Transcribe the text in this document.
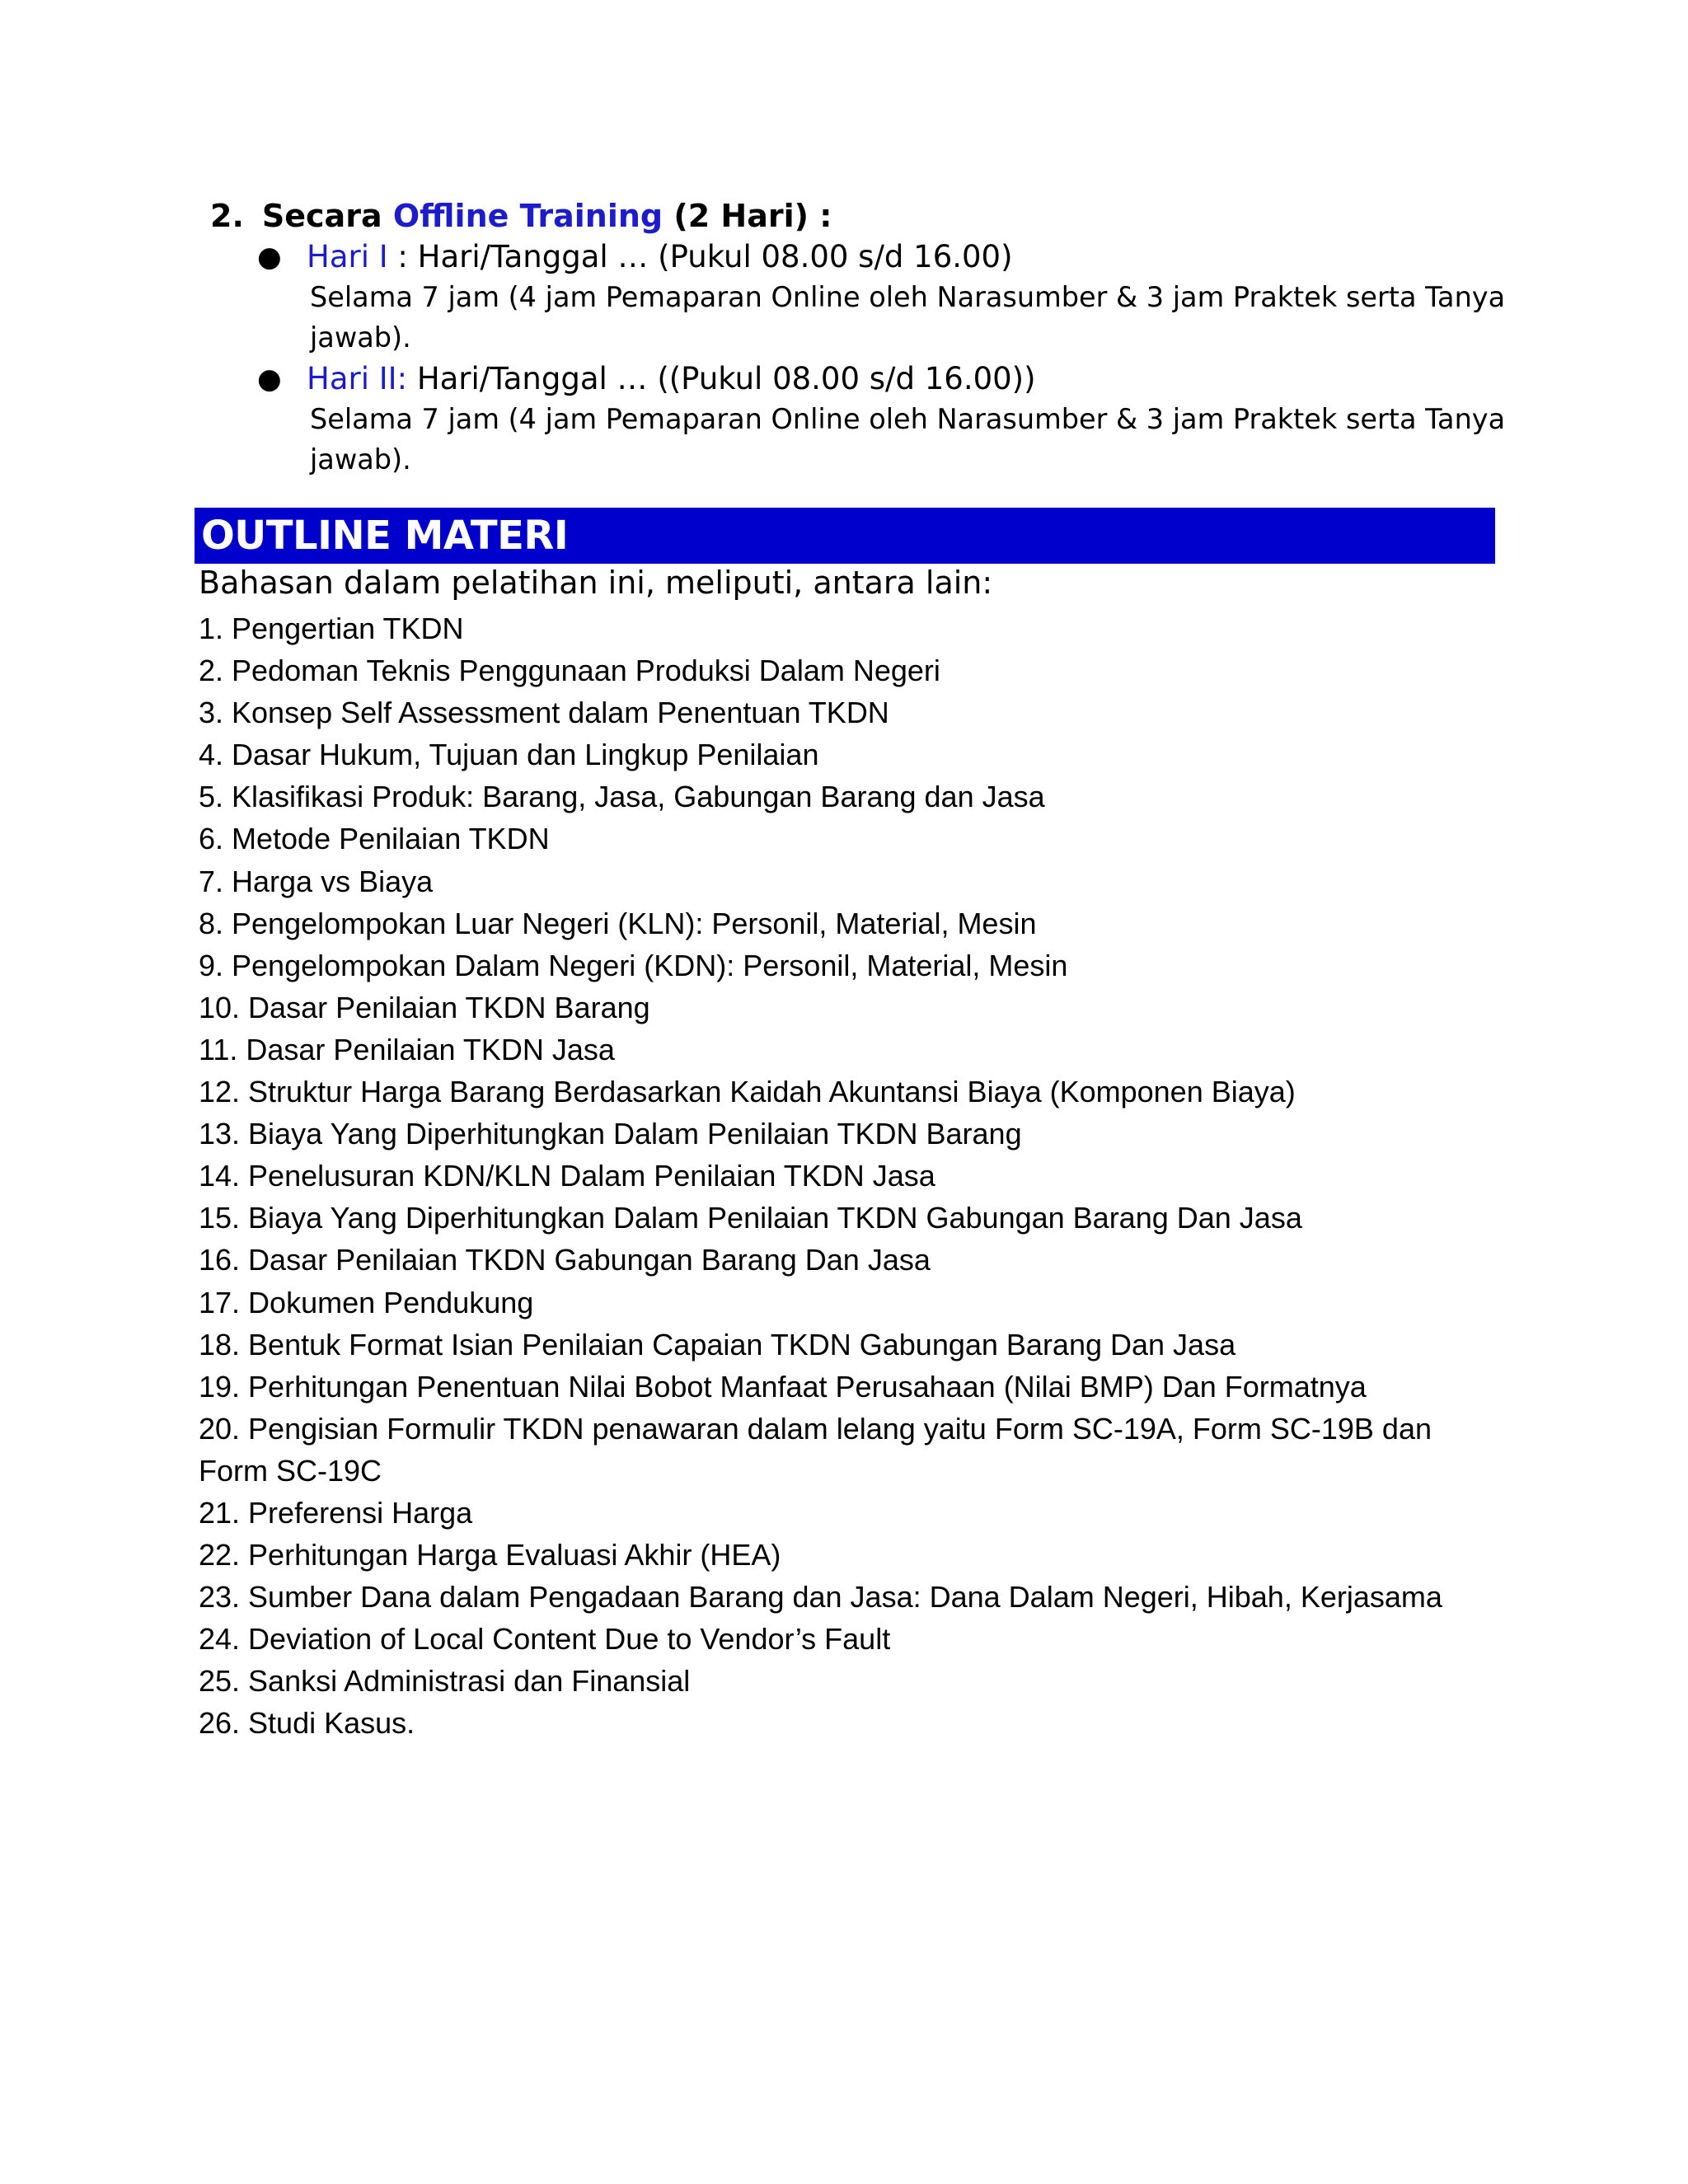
2. Secara Offline Training (2 Hari) :
● Hari I : Hari/Tanggal … (Pukul 08.00 s/d 16.00)
Selama 7 jam (4 jam Pemaparan Online oleh Narasumber & 3 jam Praktek serta Tanya jawab).
● Hari II: Hari/Tanggal … ((Pukul 08.00 s/d 16.00))
Selama 7 jam (4 jam Pemaparan Online oleh Narasumber & 3 jam Praktek serta Tanya jawab).
OUTLINE MATERI
Bahasan dalam pelatihan ini, meliputi, antara lain:
1. Pengertian TKDN
2. Pedoman Teknis Penggunaan Produksi Dalam Negeri
3. Konsep Self Assessment dalam Penentuan TKDN
4. Dasar Hukum, Tujuan dan Lingkup Penilaian
5. Klasifikasi Produk: Barang, Jasa, Gabungan Barang dan Jasa
6. Metode Penilaian TKDN
7. Harga vs Biaya
8. Pengelompokan Luar Negeri (KLN): Personil, Material, Mesin
9. Pengelompokan Dalam Negeri (KDN): Personil, Material, Mesin
10. Dasar Penilaian TKDN Barang
11. Dasar Penilaian TKDN Jasa
12. Struktur Harga Barang Berdasarkan Kaidah Akuntansi Biaya (Komponen Biaya)
13. Biaya Yang Diperhitungkan Dalam Penilaian TKDN Barang
14. Penelusuran KDN/KLN Dalam Penilaian TKDN Jasa
15. Biaya Yang Diperhitungkan Dalam Penilaian TKDN Gabungan Barang Dan Jasa
16. Dasar Penilaian TKDN Gabungan Barang Dan Jasa
17. Dokumen Pendukung
18. Bentuk Format Isian Penilaian Capaian TKDN Gabungan Barang Dan Jasa
19. Perhitungan Penentuan Nilai Bobot Manfaat Perusahaan (Nilai BMP) Dan Formatnya
20. Pengisian Formulir TKDN penawaran dalam lelang yaitu Form SC-19A, Form SC-19B dan
Form SC-19C
21. Preferensi Harga
22. Perhitungan Harga Evaluasi Akhir (HEA)
23. Sumber Dana dalam Pengadaan Barang dan Jasa: Dana Dalam Negeri, Hibah, Kerjasama
24. Deviation of Local Content Due to Vendor’s Fault
25. Sanksi Administrasi dan Finansial
26. Studi Kasus.
